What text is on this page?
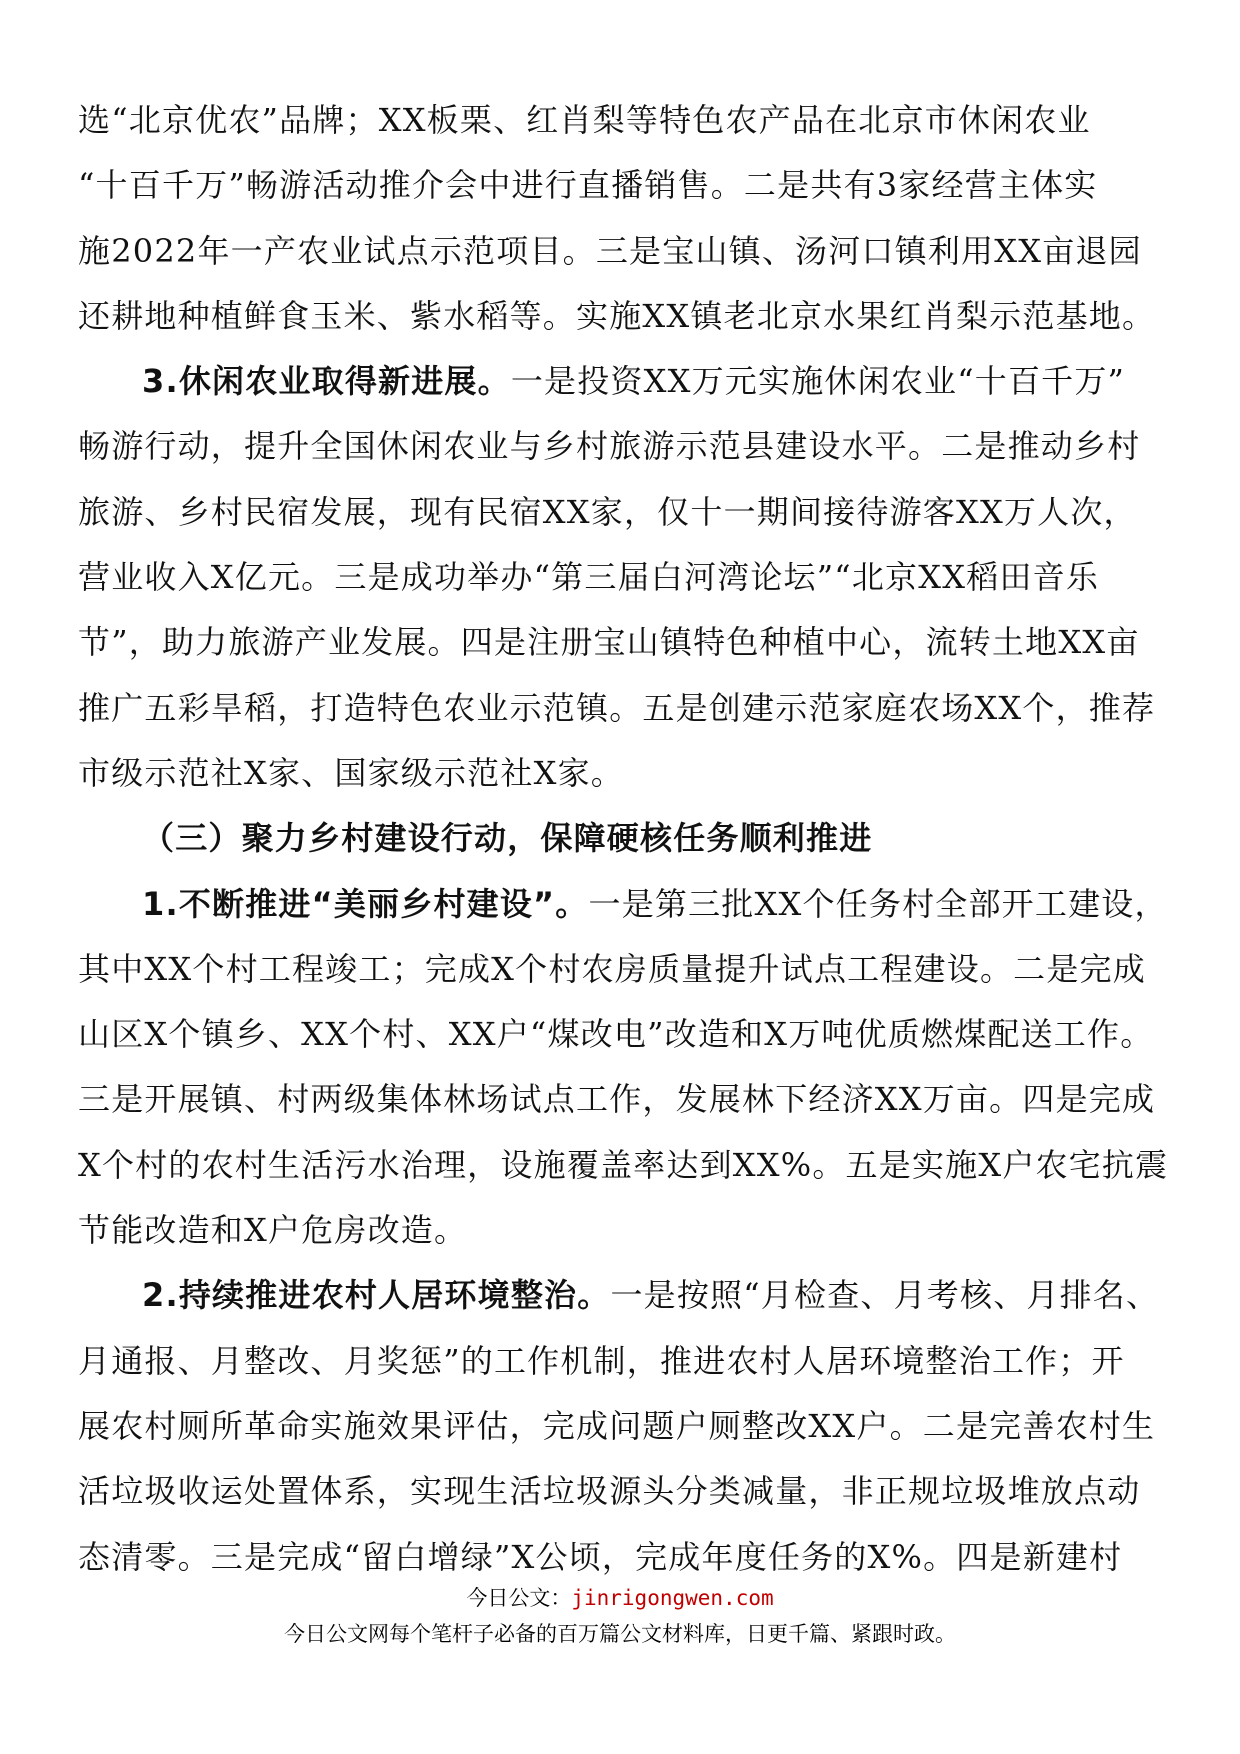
选“北京优农”品牌；XX板栗、红肖梨等特色农产品在北京市休闲农业
“十百千万”畅游活动推介会中进行直播销售。二是共有3家经营主体实
施2022年一产农业试点示范项目。三是宝山镇、汤河口镇利用XX亩退园
还耕地种植鲜食玉米、紫水稻等。实施XX镇老北京水果红肖梨示范基地。
3.休闲农业取得新进展。一是投资XX万元实施休闲农业“十百千万”
畅游行动，提升全国休闲农业与乡村旅游示范县建设水平。二是推动乡村
旅游、乡村民宿发展，现有民宿XX家，仅十一期间接待游客XX万人次，
营业收入X亿元。三是成功举办“第三届白河湾论坛”“北京XX稻田音乐
节”，助力旅游产业发展。四是注册宝山镇特色种植中心，流转土地XX亩
推广五彩旱稻，打造特色农业示范镇。五是创建示范家庭农场XX个，推荐
市级示范社X家、国家级示范社X家。
（三）聚力乡村建设行动，保障硬核任务顺利推进
1.不断推进“美丽乡村建设”。一是第三批XX个任务村全部开工建设，
其中XX个村工程竣工；完成X个村农房质量提升试点工程建设。二是完成
山区X个镇乡、XX个村、XX户“煤改电”改造和X万吨优质燃煤配送工作。
三是开展镇、村两级集体林场试点工作，发展林下经济XX万亩。四是完成
X个村的农村生活污水治理，设施覆盖率达到XX%。五是实施X户农宅抗震
节能改造和X户危房改造。
2.持续推进农村人居环境整治。一是按照“月检查、月考核、月排名、
月通报、月整改、月奖惩”的工作机制，推进农村人居环境整治工作；开
展农村厕所革命实施效果评估，完成问题户厕整改XX户。二是完善农村生
活垃圾收运处置体系，实现生活垃圾源头分类减量，非正规垃圾堆放点动
态清零。三是完成“留白增绿”X公顷，完成年度任务的X%。四是新建村
今日公文：jinrigongwen.com
今日公文网每个笔杆子必备的百万篇公文材料库，日更千篇、紧跟时政。
